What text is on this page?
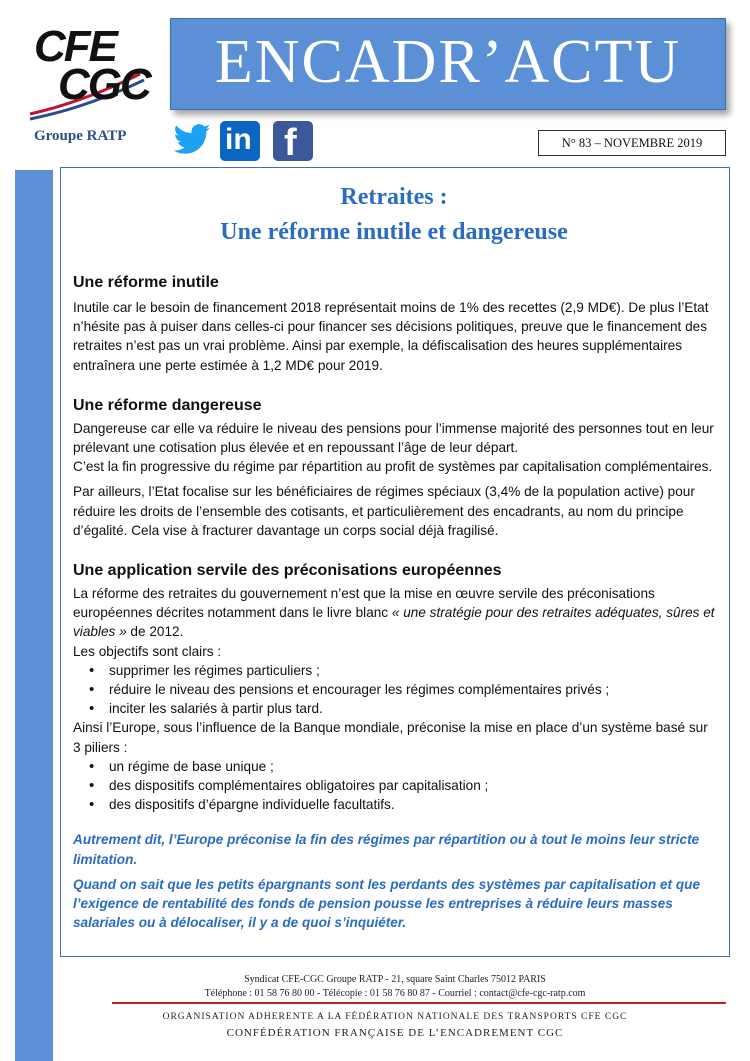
CFE
CGC
Groupe RATP
ENCADR’ACTU
in f	N° 83 – NOVEMBRE 2019
Retraites :
Une réforme inutile et dangereuse
Une réforme inutile

Inutile car le besoin de financement 2018 représentait moins de 1% des recettes (2,9 MD€). De plus l’Etat n’hésite pas à puiser dans celles-ci pour financer ses décisions politiques, preuve que le financement des retraites n’est pas un vrai problème. Ainsi par exemple, la défiscalisation des heures supplémentaires entraînera une perte estimée à 1,2 MD€ pour 2019.

Une réforme dangereuse

Dangereuse car elle va réduire le niveau des pensions pour l’immense majorité des personnes tout en leur prélevant une cotisation plus élevée et en repoussant l’âge de leur départ.

C’est la fin progressive du régime par répartition au profit de systèmes par capitalisation complémentaires.

Par ailleurs, l’Etat focalise sur les bénéficiaires de régimes spéciaux (3,4% de la population active) pour réduire les droits de l’ensemble des cotisants, et particulièrement des encadrants, au nom du principe d’égalité. Cela vise à fracturer davantage un corps social déjà fragilisé.

Une application servile des préconisations européennes

La réforme des retraites du gouvernement n’est que la mise en œuvre servile des préconisations européennes décrites notamment dans le livre blanc « une stratégie pour des retraites adéquates, sûres et viables » de 2012.

Les objectifs sont clairs :

• supprimer les régimes particuliers ;
• réduire le niveau des pensions et encourager les régimes complémentaires privés ;
• inciter les salariés à partir plus tard.

Ainsi l’Europe, sous l’influence de la Banque mondiale, préconise la mise en place d’un système basé sur 3 piliers :

• un régime de base unique ;
• des dispositifs complémentaires obligatoires par capitalisation ;
• des dispositifs d’épargne individuelle facultatifs.

Autrement dit, l’Europe préconise la fin des régimes par répartition ou à tout le moins leur stricte limitation.

Quand on sait que les petits épargnants sont les perdants des systèmes par capitalisation et que l’exigence de rentabilité des fonds de pension pousse les entreprises à réduire leurs masses salariales ou à délocaliser, il y a de quoi s’inquiéter.

Syndicat CFE-CGC Groupe RATP - 21, square Saint Charles 75012 PARIS
Téléphone : 01 58 76 80 00 - Télécopie : 01 58 76 80 87 - Courriel : contact@cfe-cgc-ratp.com
ORGANISATION ADHERENTE A LA FÉDÉRATION NATIONALE DES TRANSPORTS CFE CGC
CONFÉDÉRATION FRANÇAISE DE L’ENCADREMENT CGC
